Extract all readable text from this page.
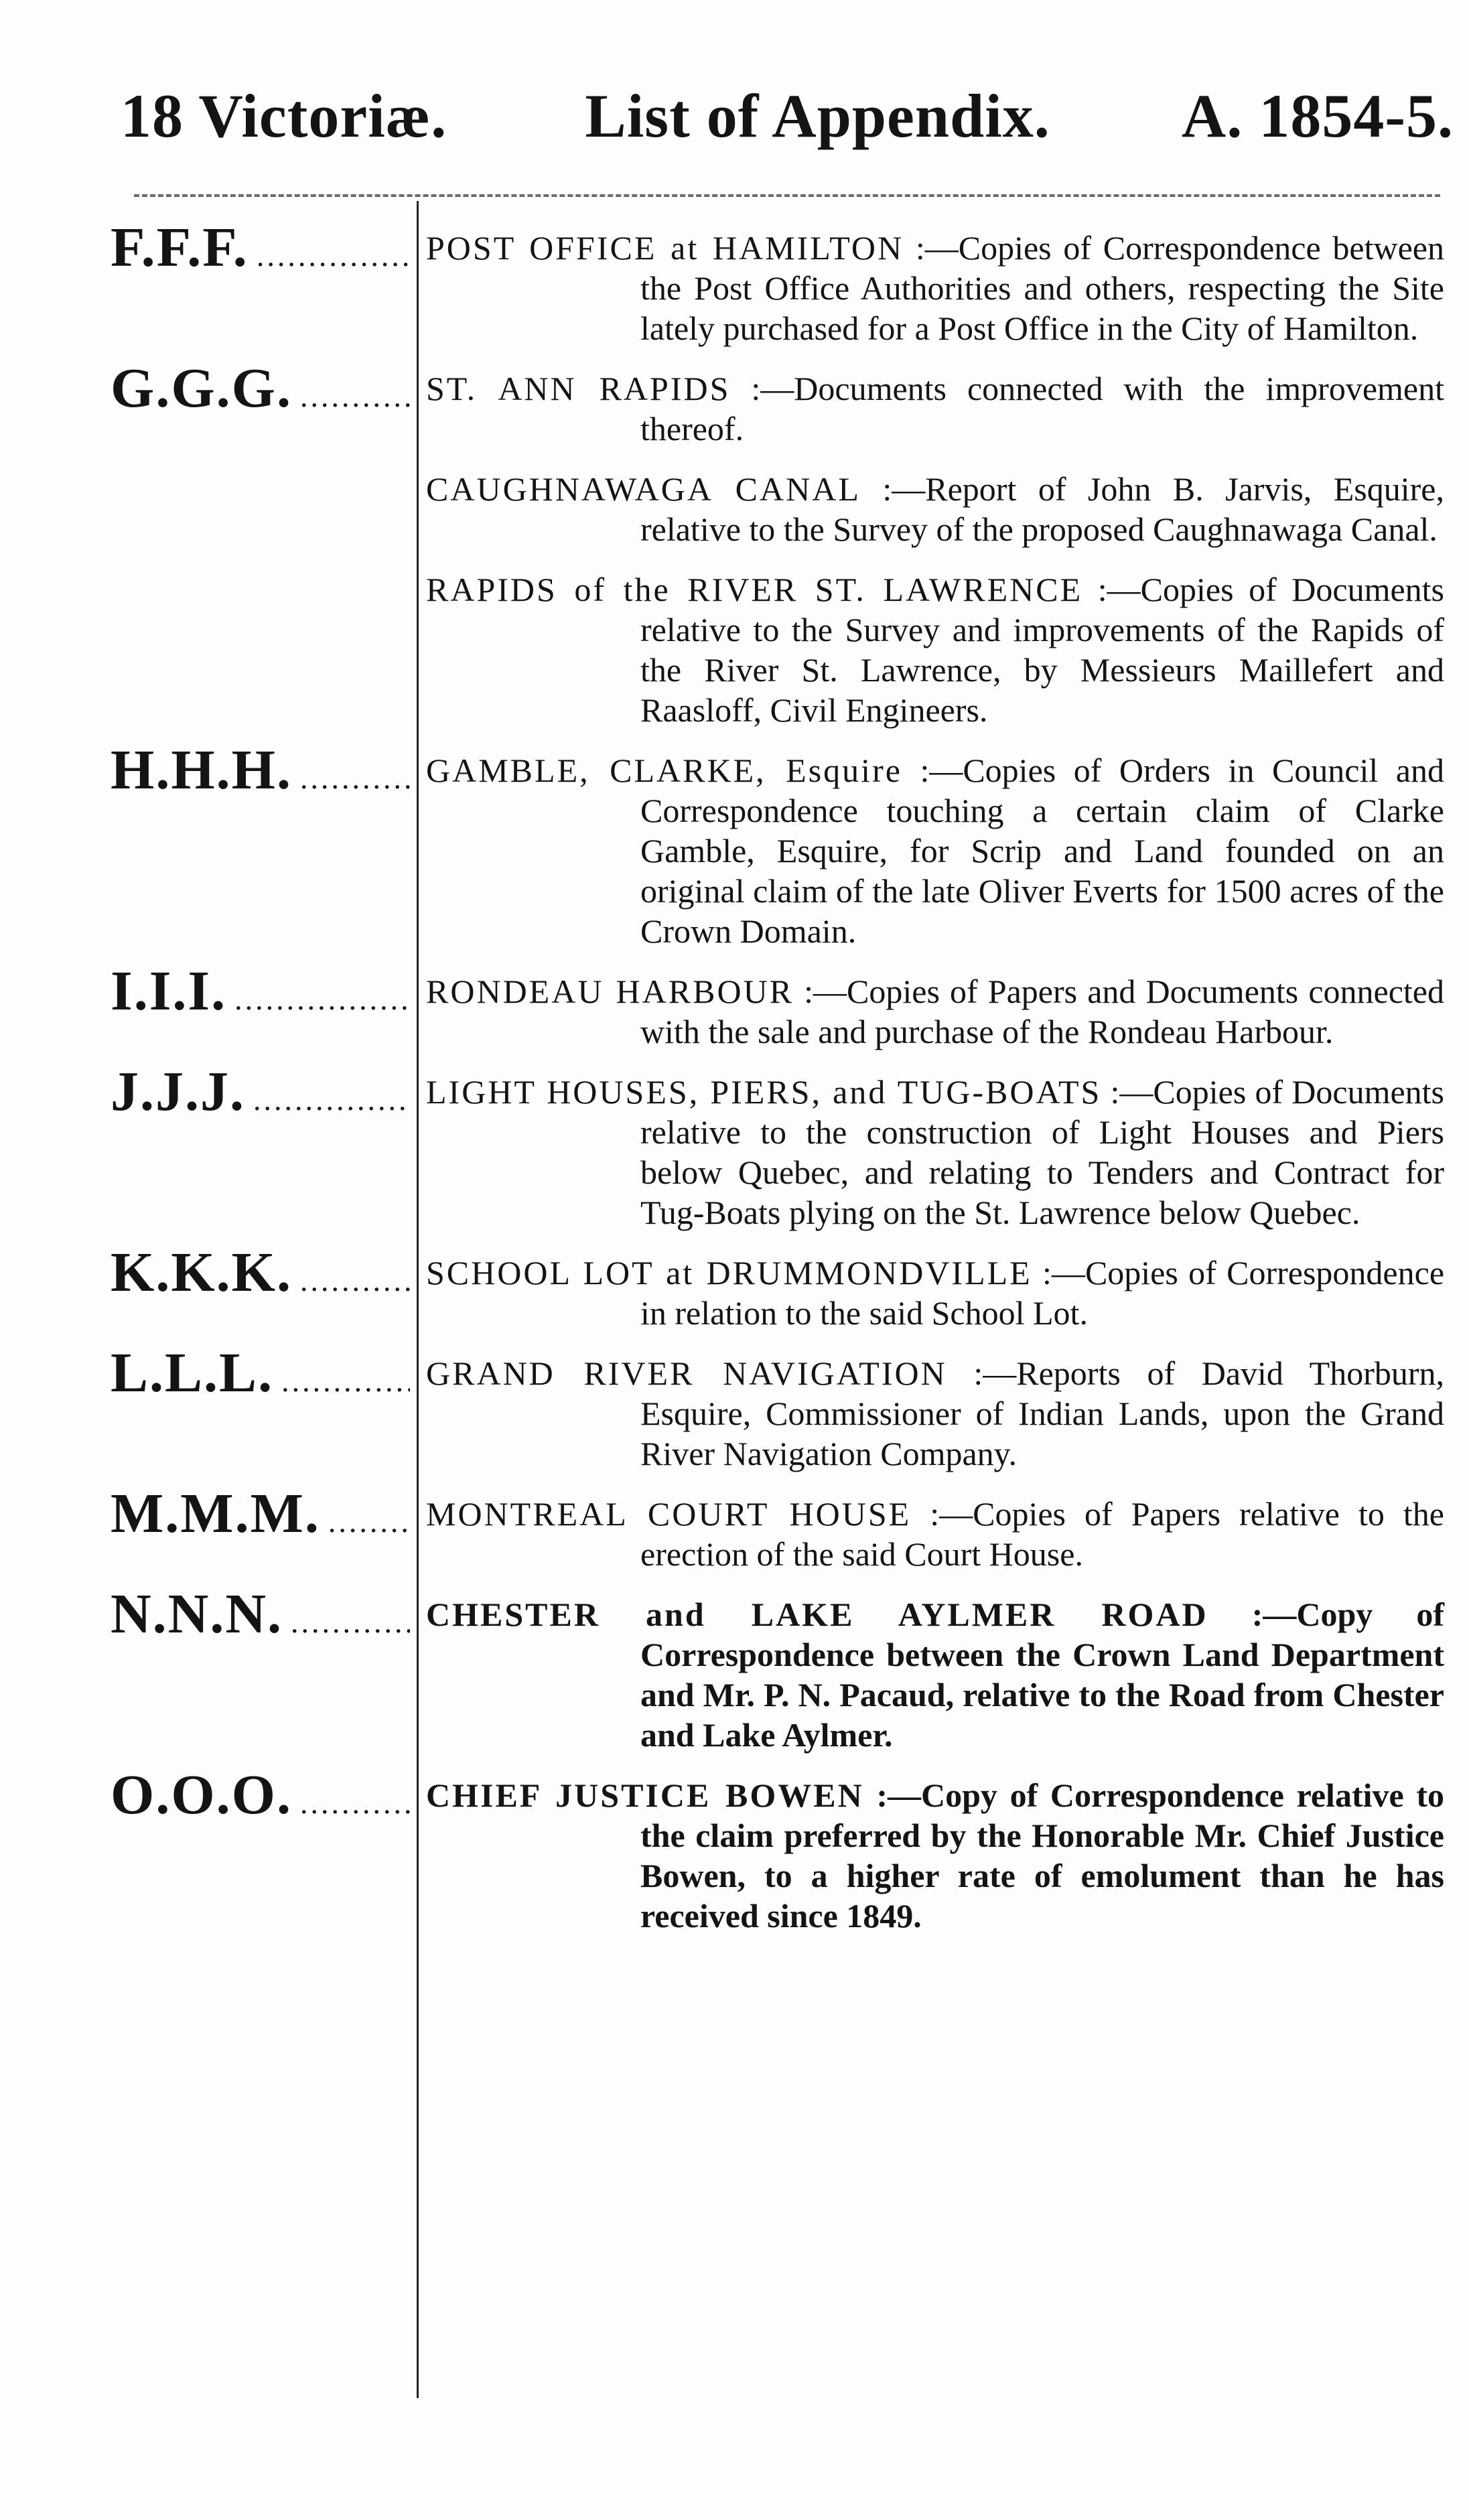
18 Victoriæ. List of Appendix. A. 1854-5.
F.F.F. .....	POST OFFICE at HAMILTON :—Copies of Correspondence between the Post Office Authorities and others, respecting the Site lately purchased for a Post Office in the City of Hamilton.
G.G.G. .....	ST. ANN RAPIDS :—Documents connected with the improvement thereof.
CAUGHNAWAGA CANAL :—Report of John B. Jarvis, Esquire, relative to the Survey of the proposed Caughnawaga Canal.
RAPIDS of the RIVER ST. LAWRENCE :—Copies of Documents relative to the Survey and improvements of the Rapids of the River St. Lawrence, by Messieurs Maillefert and Raasloff, Civil Engineers.
H.H.H. .....	GAMBLE, CLARKE, Esquire :—Copies of Orders in Council and Correspondence touching a certain claim of Clarke Gamble, Esquire, for Scrip and Land founded on an original claim of the late Oliver Everts for 1500 acres of the Crown Domain.
I.I.I. .....	RONDEAU HARBOUR :—Copies of Papers and Documents connected with the sale and purchase of the Rondeau Harbour.
J.J.J. .....	LIGHT HOUSES, PIERS, and TUG-BOATS :—Copies of Documents relative to the construction of Light Houses and Piers below Quebec, and relating to Tenders and Contract for Tug-Boats plying on the St. Lawrence below Quebec.
K.K.K. .....	SCHOOL LOT at DRUMMONDVILLE :—Copies of Correspondence in relation to the said School Lot.
L.L.L. .....	GRAND RIVER NAVIGATION :—Reports of David Thorburn, Esquire, Commissioner of Indian Lands, upon the Grand River Navigation Company.
M.M.M. .....	MONTREAL COURT HOUSE :—Copies of Papers relative to the erection of the said Court House.
N.N.N. .....	CHESTER and LAKE AYLMER ROAD :—Copy of Correspondence between the Crown Land Department and Mr. P. N. Pacaud, relative to the Road from Chester and Lake Aylmer.
O.O.O. .....	CHIEF JUSTICE BOWEN :—Copy of Correspondence relative to the claim preferred by the Honorable Mr. Chief Justice Bowen, to a higher rate of emolument than he has received since 1849.
